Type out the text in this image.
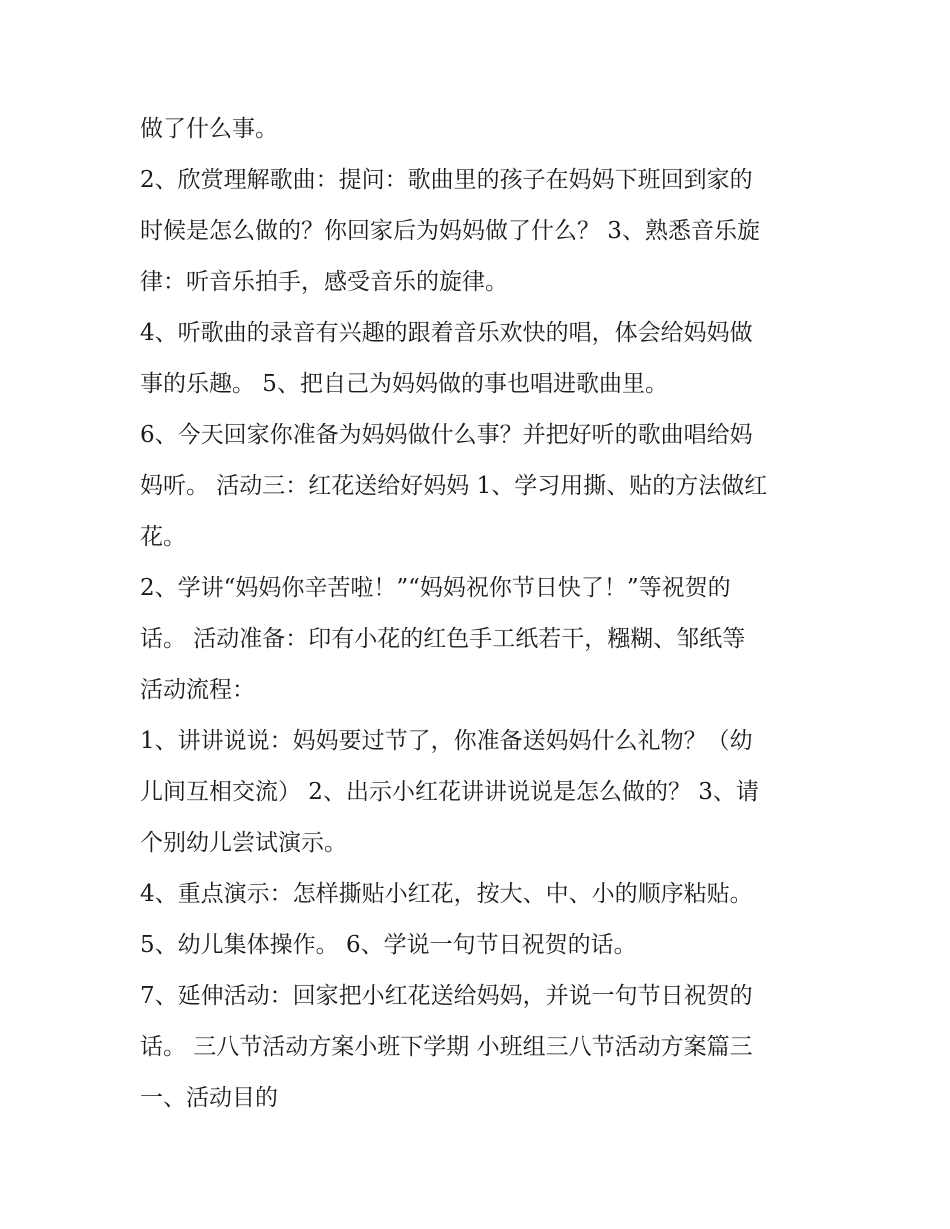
做了什么事。
2、欣赏理解歌曲：提问：歌曲里的孩子在妈妈下班回到家的
时候是怎么做的？你回家后为妈妈做了什么？ 3、熟悉音乐旋
律：听音乐拍手，感受音乐的旋律。
4、听歌曲的录音有兴趣的跟着音乐欢快的唱，体会给妈妈做
事的乐趣。 5、把自己为妈妈做的事也唱进歌曲里。
6、今天回家你准备为妈妈做什么事？并把好听的歌曲唱给妈
妈听。 活动三：红花送给好妈妈 1、学习用撕、贴的方法做红
花。
2、学讲“妈妈你辛苦啦！”“妈妈祝你节日快了！”等祝贺的
话。 活动准备：印有小花的红色手工纸若干，糨糊、邹纸等
活动流程：
1、讲讲说说：妈妈要过节了，你准备送妈妈什么礼物？（幼
儿间互相交流） 2、出示小红花讲讲说说是怎么做的？ 3、请
个别幼儿尝试演示。
4、重点演示：怎样撕贴小红花，按大、中、小的顺序粘贴。
5、幼儿集体操作。 6、学说一句节日祝贺的话。
7、延伸活动：回家把小红花送给妈妈，并说一句节日祝贺的
话。 三八节活动方案小班下学期 小班组三八节活动方案篇三
一、活动目的
